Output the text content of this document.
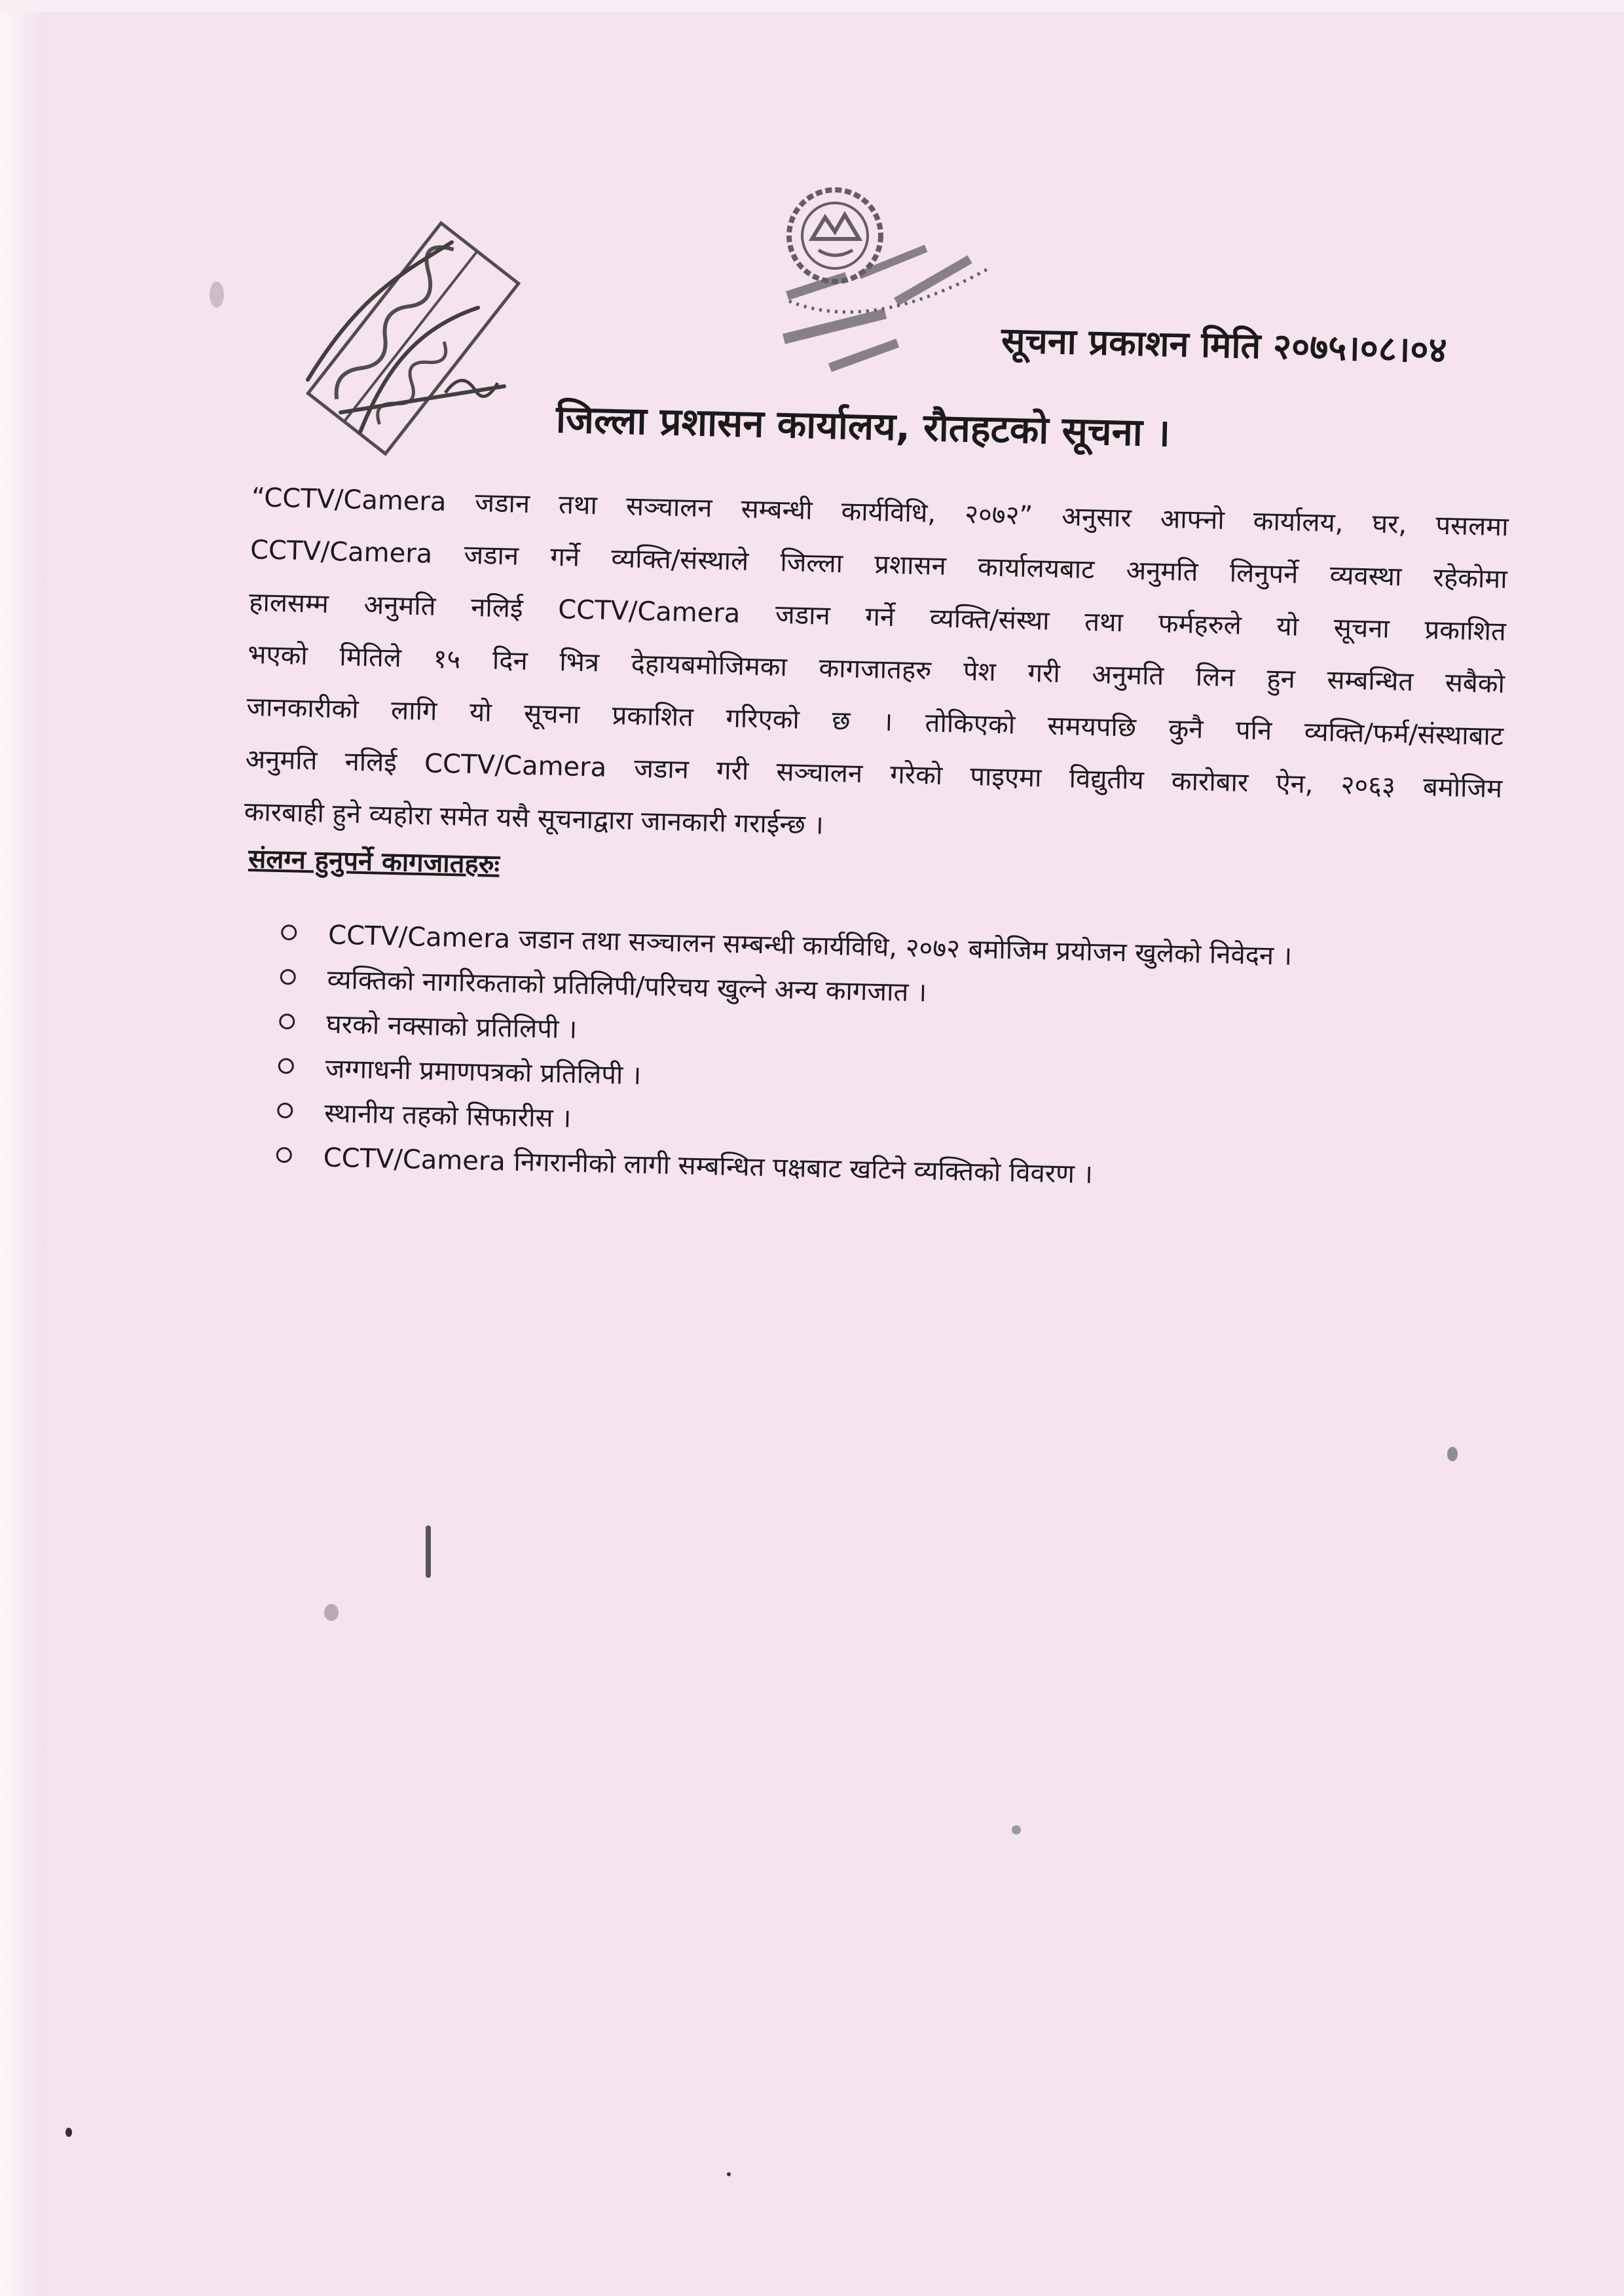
सूचना प्रकाशन मिति २०७५।०८।०४
जिल्ला प्रशासन कार्यालय, रौतहटको सूचना ।
“CCTV/Camera जडान तथा सञ्चालन सम्बन्धी कार्यविधि, २०७२” अनुसार आफ्नो कार्यालय, घर, पसलमा
CCTV/Camera जडान गर्ने व्यक्ति/संस्थाले जिल्ला प्रशासन कार्यालयबाट अनुमति लिनुपर्ने व्यवस्था रहेकोमा
हालसम्म अनुमति नलिई CCTV/Camera जडान गर्ने व्यक्ति/संस्था तथा फर्महरुले यो सूचना प्रकाशित
भएको मितिले १५ दिन भित्र देहायबमोजिमका कागजातहरु पेश गरी अनुमति लिन हुन सम्बन्धित सबैको
जानकारीको लागि यो सूचना प्रकाशित गरिएको छ । तोकिएको समयपछि कुनै पनि व्यक्ति/फर्म/संस्थाबाट
अनुमति नलिई CCTV/Camera जडान गरी सञ्चालन गरेको पाइएमा विद्युतीय कारोबार ऐन, २०६३ बमोजिम
कारबाही हुने व्यहोरा समेत यसै सूचनाद्वारा जानकारी गराईन्छ ।
संलग्न हुनुपर्ने कागजातहरुः
CCTV/Camera जडान तथा सञ्चालन सम्बन्धी कार्यविधि, २०७२ बमोजिम प्रयोजन खुलेको निवेदन ।
व्यक्तिको नागरिकताको प्रतिलिपी/परिचय खुल्ने अन्य कागजात ।
घरको नक्साको प्रतिलिपी ।
जग्गाधनी प्रमाणपत्रको प्रतिलिपी ।
स्थानीय तहको सिफारीस ।
CCTV/Camera निगरानीको लागी सम्बन्धित पक्षबाट खटिने व्यक्तिको विवरण ।
